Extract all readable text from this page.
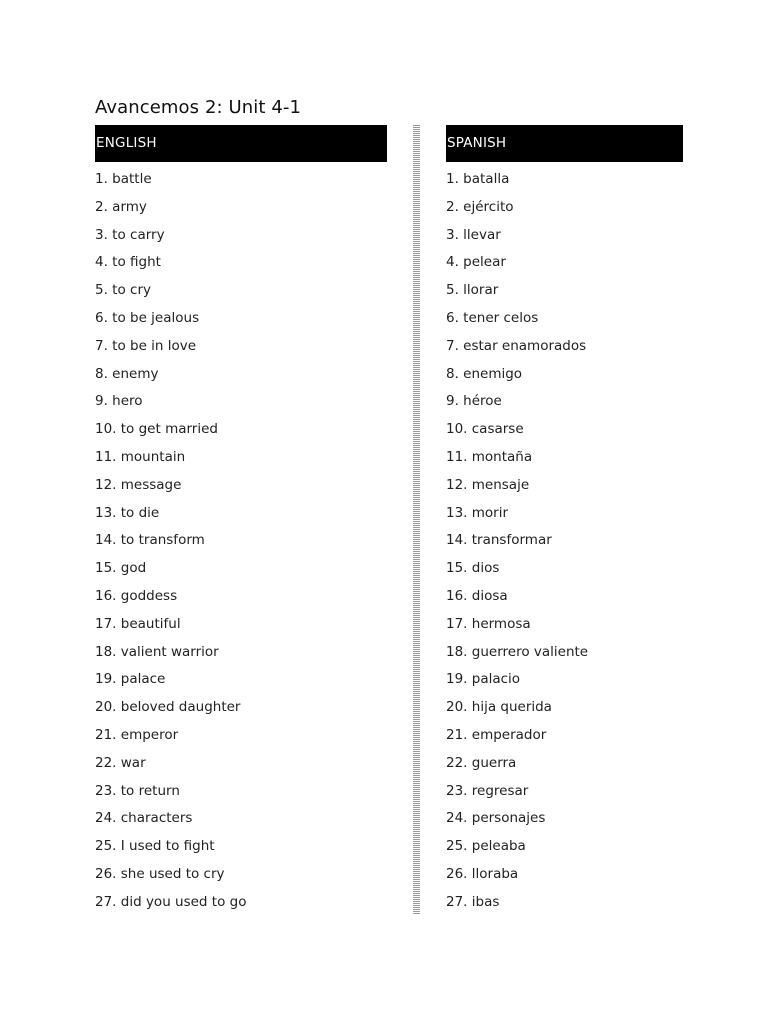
Avancemos 2: Unit 4-1
ENGLISH
1. battle
2. army
3. to carry
4. to fight
5. to cry
6. to be jealous
7. to be in love
8. enemy
9. hero
10. to get married
11. mountain
12. message
13. to die
14. to transform
15. god
16. goddess
17. beautiful
18. valient warrior
19. palace
20. beloved daughter
21. emperor
22. war
23. to return
24. characters
25. I used to fight
26. she used to cry
27. did you used to go
SPANISH
1. batalla
2. ejército
3. llevar
4. pelear
5. llorar
6. tener celos
7. estar enamorados
8. enemigo
9. héroe
10. casarse
11. montaña
12. mensaje
13. morir
14. transformar
15. dios
16. diosa
17. hermosa
18. guerrero valiente
19. palacio
20. hija querida
21. emperador
22. guerra
23. regresar
24. personajes
25. peleaba
26. lloraba
27. ibas
